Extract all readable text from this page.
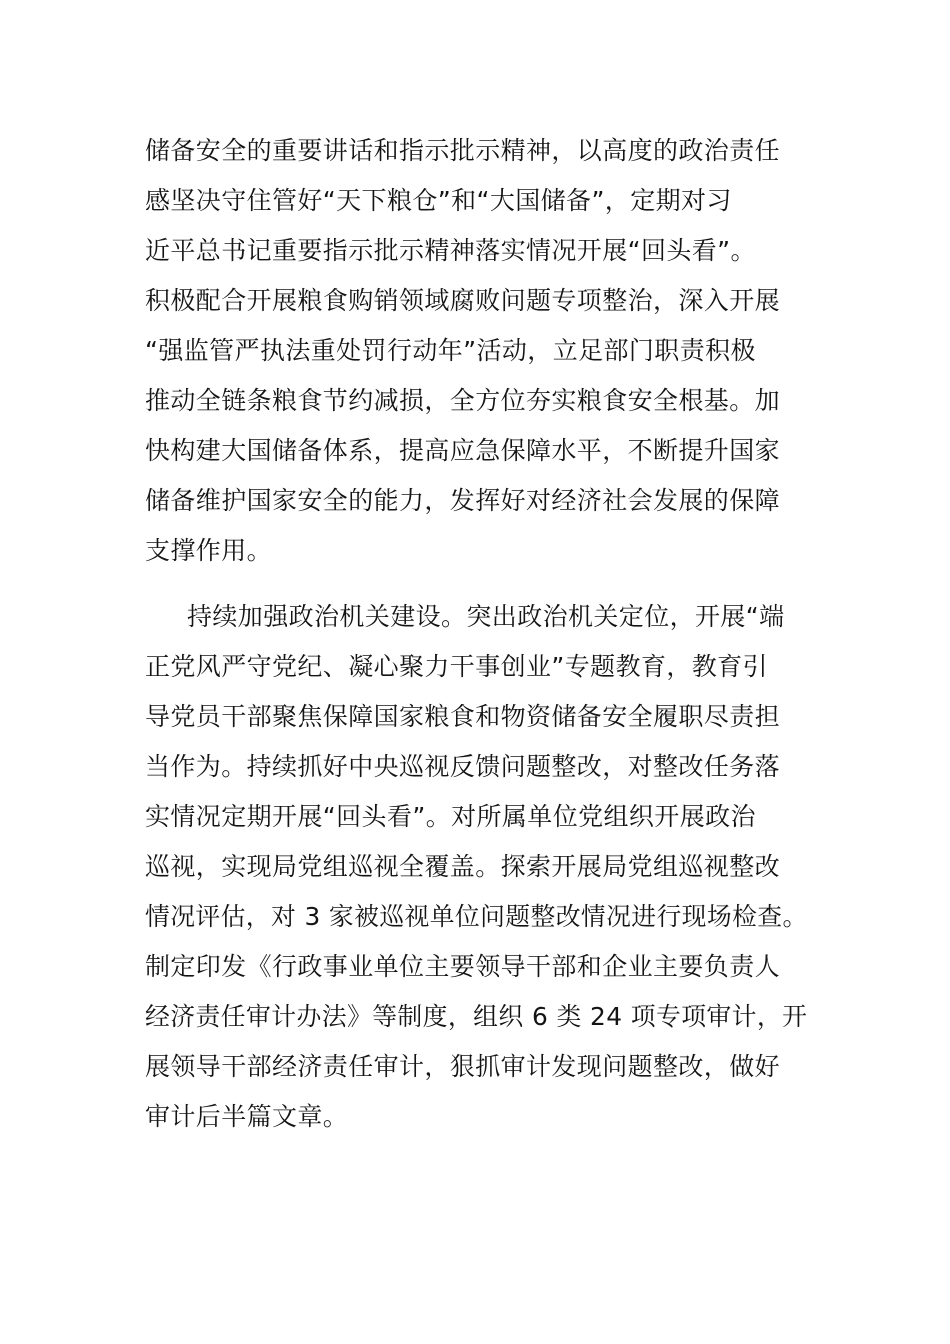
储备安全的重要讲话和指示批示精神，以高度的政治责任
感坚决守住管好“天下粮仓”和“大国储备”，定期对习
近平总书记重要指示批示精神落实情况开展“回头看”。
积极配合开展粮食购销领域腐败问题专项整治，深入开展
“强监管严执法重处罚行动年”活动，立足部门职责积极
推动全链条粮食节约减损，全方位夯实粮食安全根基。加
快构建大国储备体系，提高应急保障水平，不断提升国家
储备维护国家安全的能力，发挥好对经济社会发展的保障
支撑作用。
持续加强政治机关建设。突出政治机关定位，开展“端
正党风严守党纪、凝心聚力干事创业”专题教育，教育引
导党员干部聚焦保障国家粮食和物资储备安全履职尽责担
当作为。持续抓好中央巡视反馈问题整改，对整改任务落
实情况定期开展“回头看”。对所属单位党组织开展政治
巡视，实现局党组巡视全覆盖。探索开展局党组巡视整改
情况评估，对 3 家被巡视单位问题整改情况进行现场检查。
制定印发《行政事业单位主要领导干部和企业主要负责人
经济责任审计办法》等制度，组织 6 类 24 项专项审计，开
展领导干部经济责任审计，狠抓审计发现问题整改，做好
审计后半篇文章。
